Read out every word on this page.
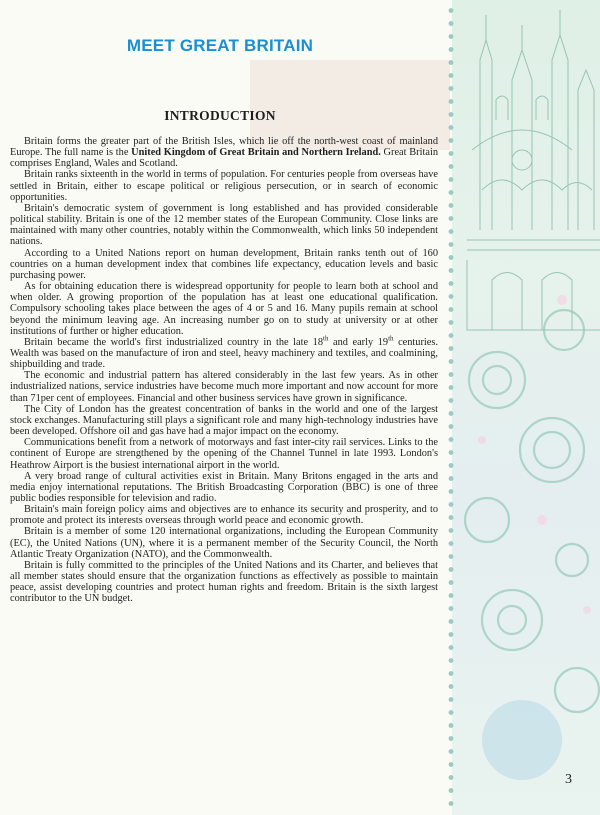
MEET GREAT BRITAIN
INTRODUCTION

Britain forms the greater part of the British Isles, which lie off the north-west coast of mainland Europe. The full name is the United Kingdom of Great Britain and Northern Ireland. Great Britain comprises England, Wales and Scotland.

Britain ranks sixteenth in the world in terms of population. For centuries people from overseas have settled in Britain, either to escape political or religious persecution, or in search of economic opportunities.

Britain's democratic system of government is long established and has provided considerable political stability. Britain is one of the 12 member states of the European Community. Close links are maintained with many other countries, notably within the Commonwealth, which links 50 independent nations.

According to a United Nations report on human development, Britain ranks tenth out of 160 countries on a human development index that combines life expectancy, education levels and basic purchasing power.

As for obtaining education there is widespread opportunity for people to learn both at school and when older. A growing proportion of the population has at least one educational qualification. Compulsory schooling takes place between the ages of 4 or 5 and 16. Many pupils remain at school beyond the minimum leaving age. An increasing number go on to study at university or at other institutions of further or higher education.

Britain became the world's first industrialized country in the late 18th and early 19th centuries. Wealth was based on the manufacture of iron and steel, heavy machinery and textiles, and coalmining, shipbuilding and trade.

The economic and industrial pattern has altered considerably in the last few years. As in other industrialized nations, service industries have become much more important and now account for more than 71per cent of employees. Financial and other business services have grown in significance.

The City of London has the greatest concentration of banks in the world and one of the largest stock exchanges. Manufacturing still plays a significant role and many high-technology industries have been developed. Offshore oil and gas have had a major impact on the economy.

Communications benefit from a network of motorways and fast inter-city rail services. Links to the continent of Europe are strengthened by the opening of the Channel Tunnel in late 1993. London's Heathrow Airport is the busiest international airport in the world.

A very broad range of cultural activities exist in Britain. Many Britons engaged in the arts and media enjoy international reputations. The British Broadcasting Corporation (BBC) is one of three public bodies responsible for television and radio.

Britain's main foreign policy aims and objectives are to enhance its security and prosperity, and to promote and protect its interests overseas through world peace and economic growth.

Britain is a member of some 120 international organizations, including the European Community (EC), the United Nations (UN), where it is a permanent member of the Security Council, the North Atlantic Treaty Organization (NATO), and the Commonwealth.

Britain is fully committed to the principles of the United Nations and its Charter, and believes that all member states should ensure that the organization functions as effectively as possible to maintain peace, assist developing countries and protect human rights and freedom. Britain is the sixth largest contributor to the UN budget.

3
